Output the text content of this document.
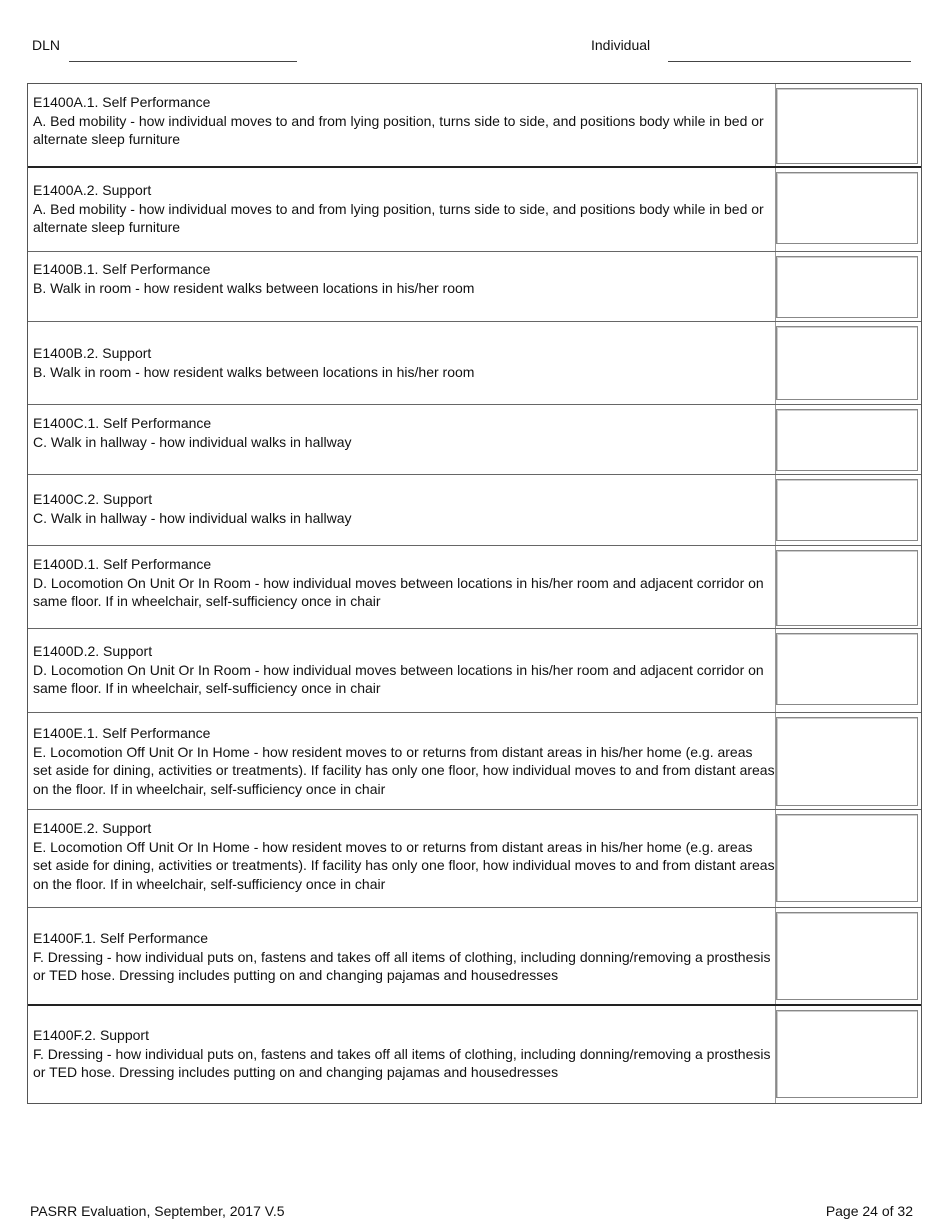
DLN	Individual
E1400A.1. Self Performance
A. Bed mobility - how individual moves to and from lying position, turns side to side, and positions body while in bed or alternate sleep furniture
E1400A.2. Support
A. Bed mobility - how individual moves to and from lying position, turns side to side, and positions body while in bed or alternate sleep furniture
E1400B.1. Self Performance
B. Walk in room - how resident walks between locations in his/her room
E1400B.2. Support
B. Walk in room - how resident walks between locations in his/her room
E1400C.1. Self Performance
C. Walk in hallway - how individual walks in hallway
E1400C.2. Support
C. Walk in hallway - how individual walks in hallway
E1400D.1. Self Performance
D. Locomotion On Unit Or In Room - how individual moves between locations in his/her room and adjacent corridor on same floor. If in wheelchair, self-sufficiency once in chair
E1400D.2. Support
D. Locomotion On Unit Or In Room - how individual moves between locations in his/her room and adjacent corridor on same floor. If in wheelchair, self-sufficiency once in chair
E1400E.1. Self Performance
E. Locomotion Off Unit Or In Home - how resident moves to or returns from distant areas in his/her home (e.g. areas set aside for dining, activities or treatments). If facility has only one floor, how individual moves to and from distant areas on the floor. If in wheelchair, self-sufficiency once in chair
E1400E.2. Support
E. Locomotion Off Unit Or In Home - how resident moves to or returns from distant areas in his/her home (e.g. areas set aside for dining, activities or treatments). If facility has only one floor, how individual moves to and from distant areas on the floor. If in wheelchair, self-sufficiency once in chair
E1400F.1. Self Performance
F. Dressing - how individual puts on, fastens and takes off all items of clothing, including donning/removing a prosthesis or TED hose. Dressing includes putting on and changing pajamas and housedresses
E1400F.2. Support
F. Dressing - how individual puts on, fastens and takes off all items of clothing, including donning/removing a prosthesis or TED hose. Dressing includes putting on and changing pajamas and housedresses
PASRR Evaluation, September, 2017 V.5	Page 24 of 32
